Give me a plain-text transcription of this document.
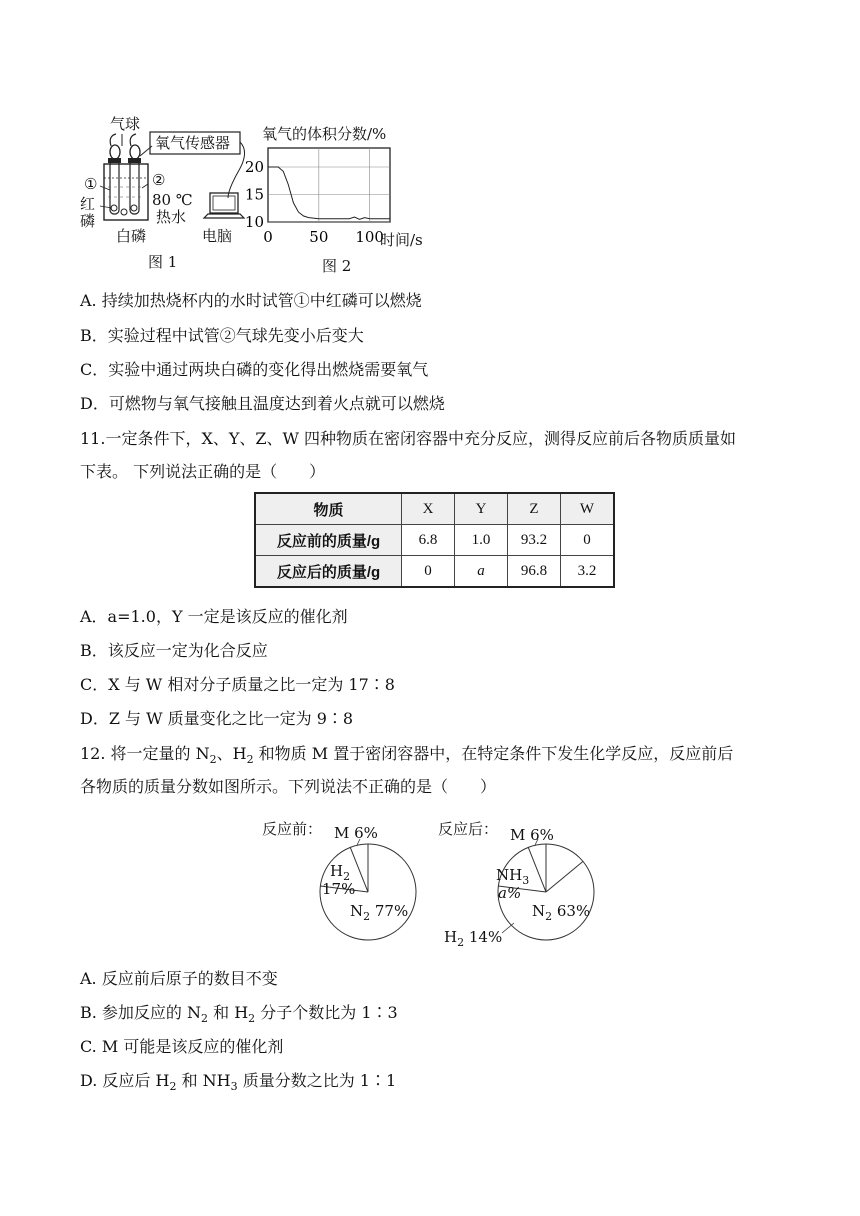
气球
氧气传感器
①	②
红
磷
80 ℃
热水
白磷
图 1
电脑
氧气的体积分数/%
20
15
10
0 50 100
时间/s
图 2
A. 持续加热烧杯内的水时试管①中红磷可以燃烧
B．实验过程中试管②气球先变小后变大
C．实验中通过两块白磷的变化得出燃烧需要氧气
D．可燃物与氧气接触且温度达到着火点就可以燃烧
11.一定条件下，X、Y、Z、W 四种物质在密闭容器中充分反应，测得反应前后各物质质量如
下表。 下列说法正确的是（　　）
物质	X	Y	Z	W
反应前的质量/g	6.8	1.0	93.2	0
反应后的质量/g	0	a	96.8	3.2
A．a=1.0，Y 一定是该反应的催化剂
B．该反应一定为化合反应
C．X 与 W 相对分子质量之比一定为 17∶8
D．Z 与 W 质量变化之比一定为 9∶8
12. 将一定量的 $N_2$、$H_2$ 和物质 M 置于密闭容器中，在特定条件下发生化学反应，反应前后
各物质的质量分数如图所示。下列说法不正确的是（　　）
反应前： M 6%
$H_2$
17%
$N_2$ 77%
反应后： M 6%
$NH_3$
a%
$N_2$ 63%
$H_2$ 14%
A. 反应前后原子的数目不变
B. 参加反应的 $N_2$ 和 $H_2$ 分子个数比为 1∶3
C. M 可能是该反应的催化剂
D. 反应后 $H_2$ 和 $NH_3$ 质量分数之比为 1∶1
